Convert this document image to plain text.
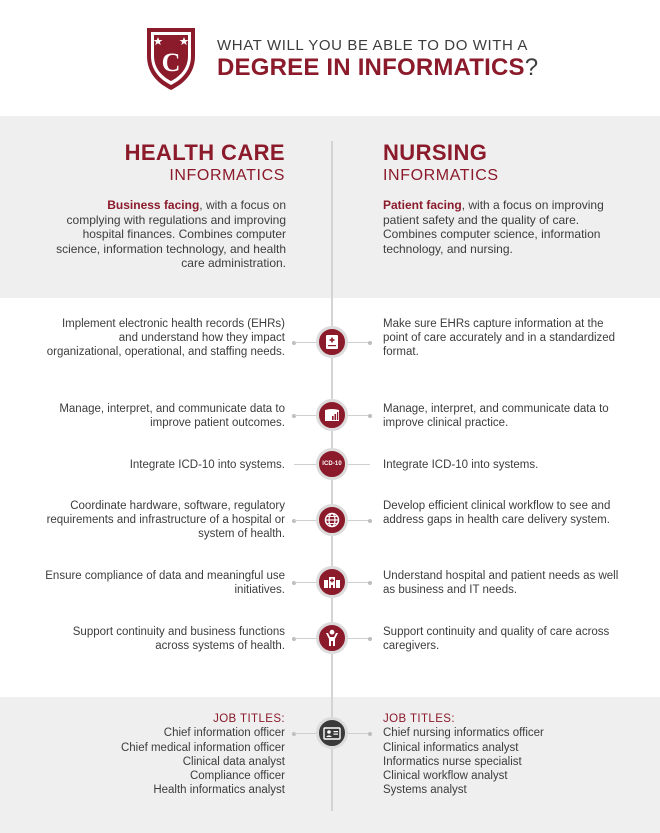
C
WHAT WILL YOU BE ABLE TO DO WITH A
DEGREE IN INFORMATICS?
HEALTH CARE
INFORMATICS
NURSING
INFORMATICS
Business facing, with a focus on complying with regulations and improving hospital finances. Combines computer science, information technology, and health care administration.
Patient facing, with a focus on improving patient safety and the quality of care. Combines computer science, information technology, and nursing.
Implement electronic health records (EHRs) and understand how they impact organizational, operational, and staffing needs.
Make sure EHRs capture information at the point of care accurately and in a standardized format.
Manage, interpret, and communicate data to improve patient outcomes.
Manage, interpret, and communicate data to improve clinical practice.
Integrate ICD-10 into systems.	Integrate ICD-10 into systems.
ICD-10
Coordinate hardware, software, regulatory requirements and infrastructure of a hospital or system of health.
Develop efficient clinical workflow to see and address gaps in health care delivery system.
Ensure compliance of data and meaningful use initiatives.
Understand hospital and patient needs as well as business and IT needs.
Support continuity and business functions across systems of health.
Support continuity and quality of care across caregivers.
JOB TITLES:
Chief information officer
Chief medical information officer
Clinical data analyst
Compliance officer
Health informatics analyst
JOB TITLES:
Chief nursing informatics officer
Clinical informatics analyst
Informatics nurse specialist
Clinical workflow analyst
Systems analyst
